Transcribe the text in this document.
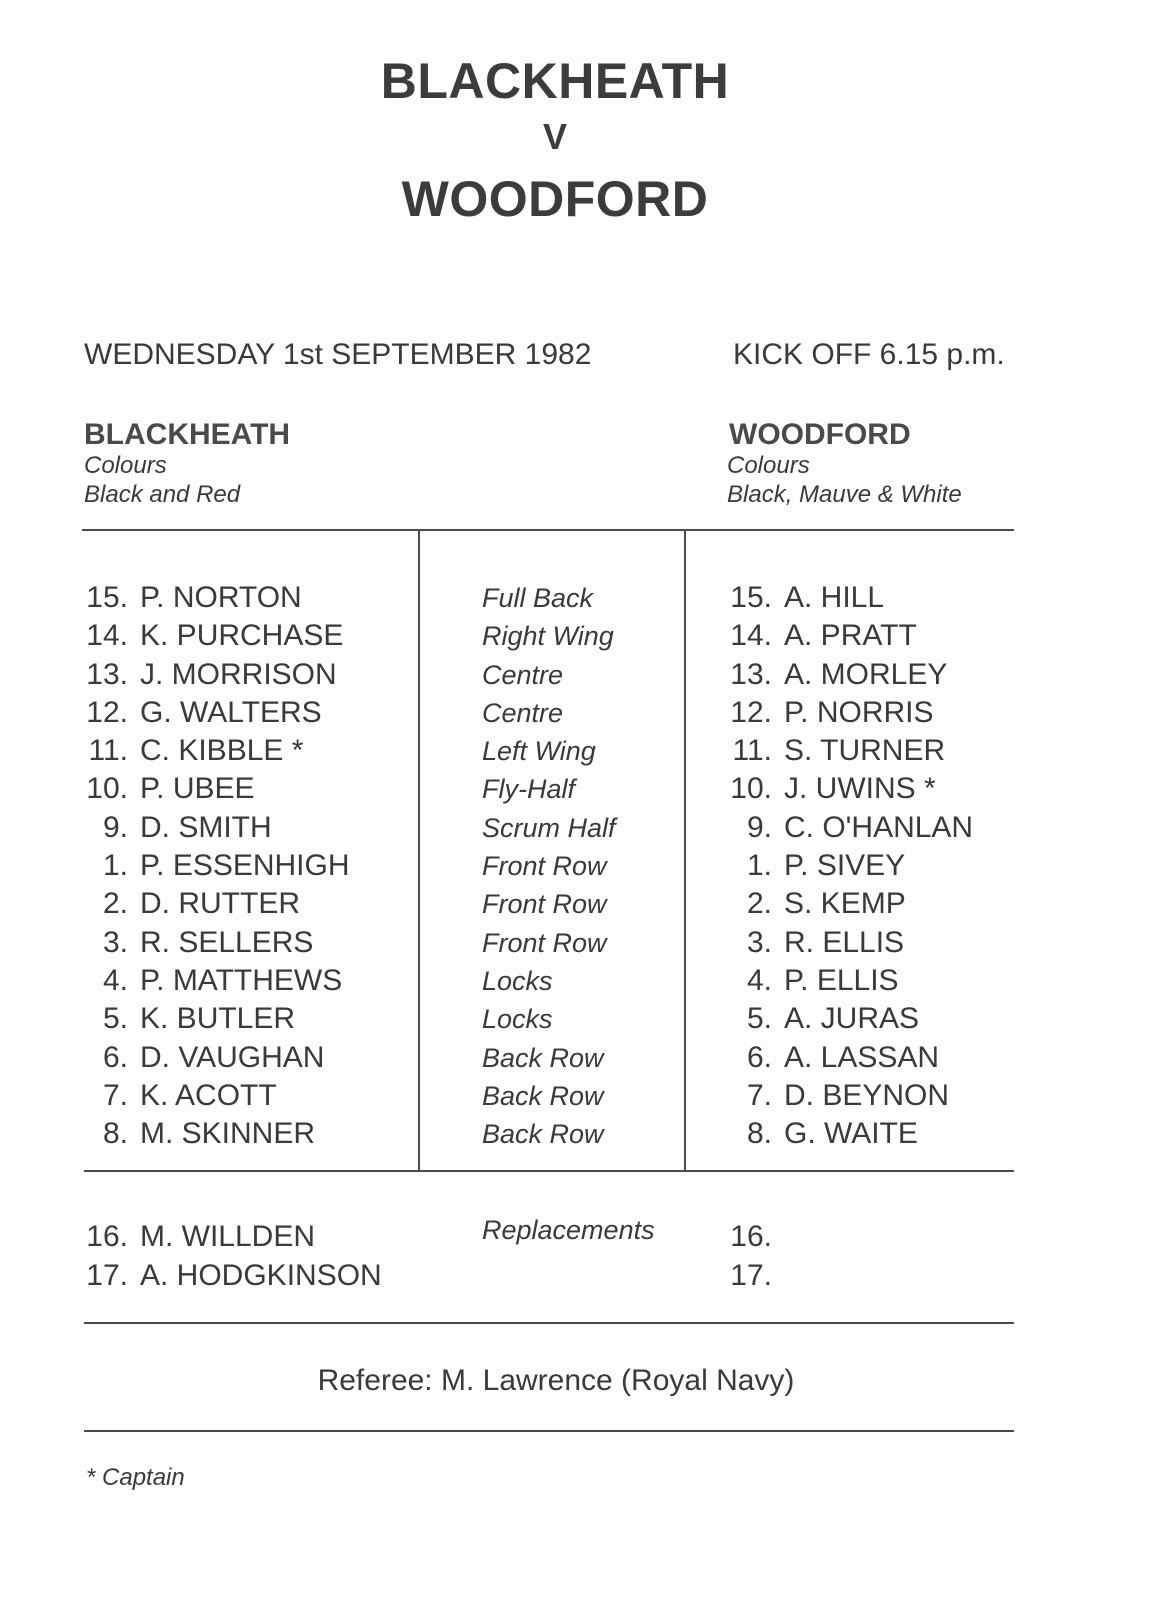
BLACKHEATH
V
WOODFORD
WEDNESDAY 1st SEPTEMBER 1982	KICK OFF 6.15 p.m.
BLACKHEATH
Colours
Black and Red
WOODFORD
Colours
Black, Mauve & White
15. P. NORTON
14. K. PURCHASE
13. J. MORRISON
12. G. WALTERS
11. C. KIBBLE *
10. P. UBEE
9. D. SMITH
1. P. ESSENHIGH
2. D. RUTTER
3. R. SELLERS
4. P. MATTHEWS
5. K. BUTLER
6. D. VAUGHAN
7. K. ACOTT
8. M. SKINNER
Full Back
Right Wing
Centre
Centre
Left Wing
Fly-Half
Scrum Half
Front Row
Front Row
Front Row
Locks
Locks
Back Row
Back Row
Back Row
15. A. HILL
14. A. PRATT
13. A. MORLEY
12. P. NORRIS
11. S. TURNER
10. J. UWINS *
9. C. O'HANLAN
1. P. SIVEY
2. S. KEMP
3. R. ELLIS
4. P. ELLIS
5. A. JURAS
6. A. LASSAN
7. D. BEYNON
8. G. WAITE
16. M. WILLDEN
17. A. HODGKINSON
Replacements	16.
17.
Referee: M. Lawrence (Royal Navy)
* Captain
